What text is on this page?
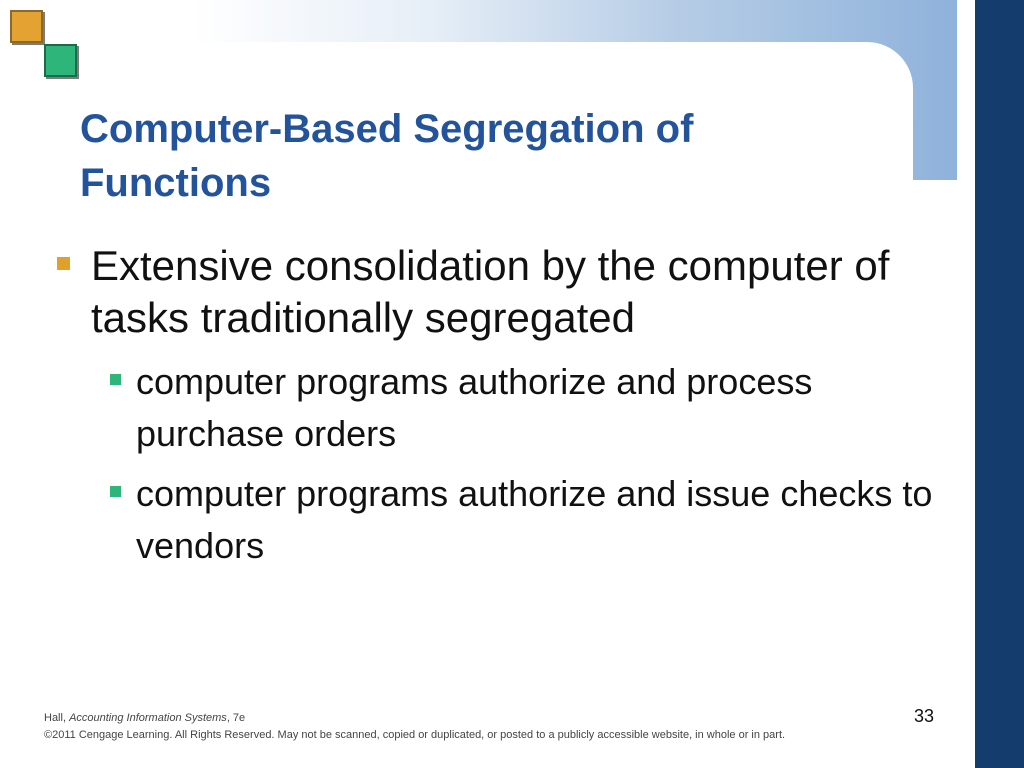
Computer-Based Segregation of Functions

Extensive consolidation by the computer of tasks traditionally segregated

computer programs authorize and process purchase orders

computer programs authorize and issue checks to vendors

Hall, Accounting Information Systems, 7e

©2011 Cengage Learning. All Rights Reserved. May not be scanned, copied or duplicated, or posted to a publicly accessible website, in whole or in part.

33
